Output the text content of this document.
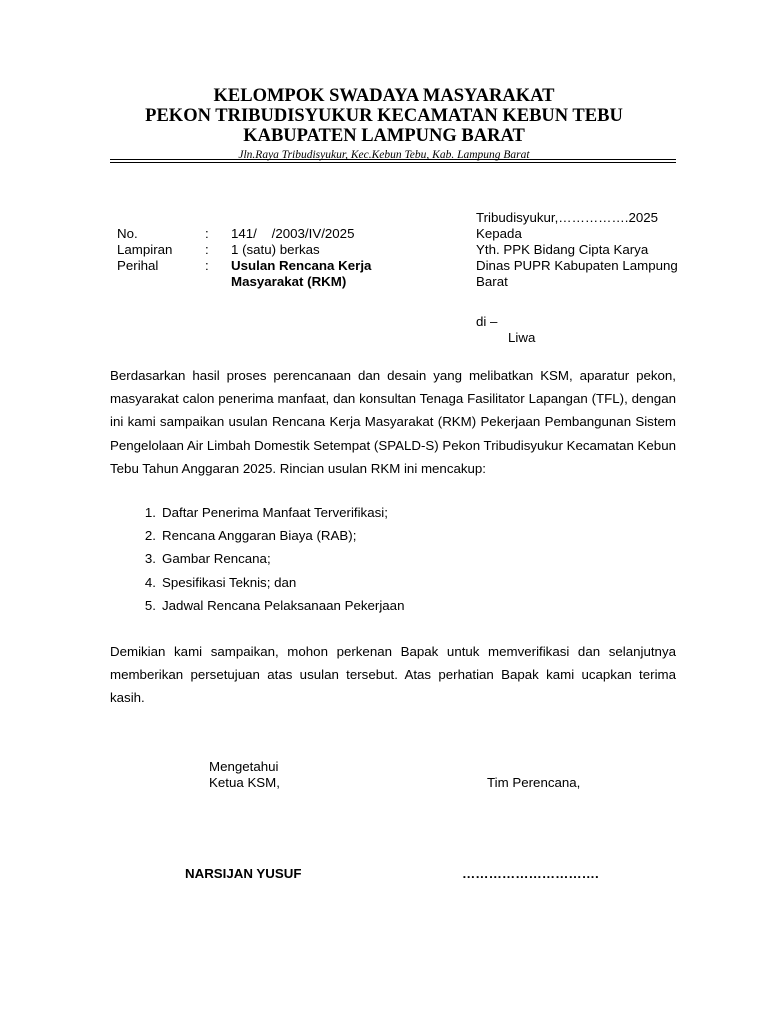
KELOMPOK SWADAYA MASYARAKAT

PEKON TRIBUDISYUKUR KECAMATAN KEBUN TEBU

KABUPATEN LAMPUNG BARAT

Jln.Raya Tribudisyukur, Kec.Kebun Tebu, Kab. Lampung Barat
No.	:	141/    /2003/IV/2025
Lampiran	:	1 (satu) berkas
Perihal	:	Usulan Rencana Kerja
Masyarakat (RKM)
Tribudisyukur,…………….2025
Kepada
Yth. PPK Bidang Cipta Karya
Dinas PUPR Kabupaten Lampung
Barat
di –
Liwa
Berdasarkan hasil proses perencanaan dan desain yang melibatkan KSM, aparatur pekon, masyarakat calon penerima manfaat, dan konsultan Tenaga Fasilitator Lapangan (TFL), dengan ini kami sampaikan usulan Rencana Kerja Masyarakat (RKM) Pekerjaan Pembangunan Sistem Pengelolaan Air Limbah Domestik Setempat (SPALD-S) Pekon Tribudisyukur Kecamatan Kebun Tebu Tahun Anggaran 2025. Rincian usulan RKM ini mencakup:
1. Daftar Penerima Manfaat Terverifikasi;
2. Rencana Anggaran Biaya (RAB);
3. Gambar Rencana;
4. Spesifikasi Teknis; dan
5. Jadwal Rencana Pelaksanaan Pekerjaan
Demikian kami sampaikan, mohon perkenan Bapak untuk memverifikasi dan selanjutnya memberikan persetujuan atas usulan tersebut. Atas perhatian Bapak kami ucapkan terima kasih.
Mengetahui
Ketua KSM,	Tim Perencana,
NARSIJAN YUSUF	………………………….
